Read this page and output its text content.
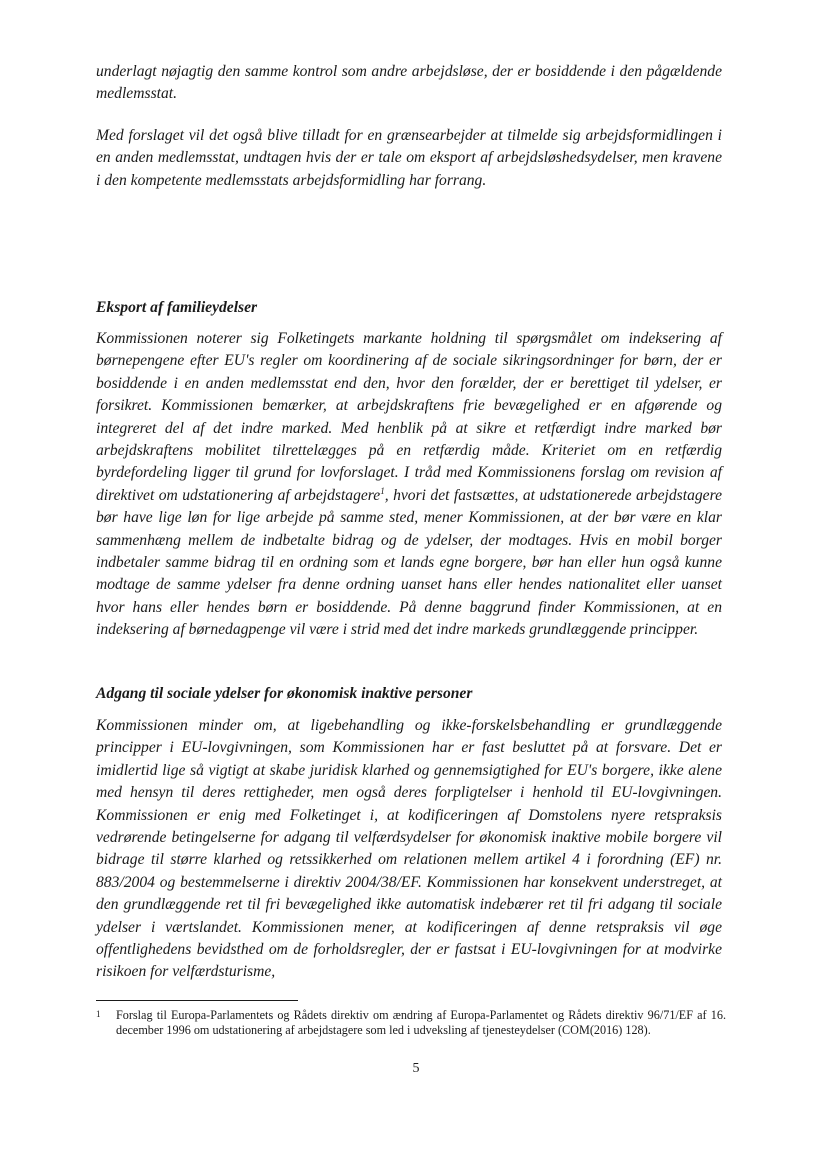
underlagt nøjagtig den samme kontrol som andre arbejdsløse, der er bosiddende i den pågældende medlemsstat.

Med forslaget vil det også blive tilladt for en grænsearbejder at tilmelde sig arbejdsformidlingen i en anden medlemsstat, undtagen hvis der er tale om eksport af arbejdsløshedsydelser, men kravene i den kompetente medlemsstats arbejdsformidling har forrang.

Eksport af familieydelser

Kommissionen noterer sig Folketingets markante holdning til spørgsmålet om indeksering af børnepengene efter EU's regler om koordinering af de sociale sikringsordninger for børn, der er bosiddende i en anden medlemsstat end den, hvor den forælder, der er berettiget til ydelser, er forsikret. Kommissionen bemærker, at arbejdskraftens frie bevægelighed er en afgørende og integreret del af det indre marked. Med henblik på at sikre et retfærdigt indre marked bør arbejdskraftens mobilitet tilrettelægges på en retfærdig måde. Kriteriet om en retfærdig byrdefordeling ligger til grund for lovforslaget. I tråd med Kommissionens forslag om revision af direktivet om udstationering af arbejdstagere$^1$, hvori det fastsættes, at udstationerede arbejdstagere bør have lige løn for lige arbejde på samme sted, mener Kommissionen, at der bør være en klar sammenhæng mellem de indbetalte bidrag og de ydelser, der modtages. Hvis en mobil borger indbetaler samme bidrag til en ordning som et lands egne borgere, bør han eller hun også kunne modtage de samme ydelser fra denne ordning uanset hans eller hendes nationalitet eller uanset hvor hans eller hendes børn er bosiddende. På denne baggrund finder Kommissionen, at en indeksering af børnedagpenge vil være i strid med det indre markeds grundlæggende principper.

Adgang til sociale ydelser for økonomisk inaktive personer

Kommissionen minder om, at ligebehandling og ikke-forskelsbehandling er grundlæggende principper i EU-lovgivningen, som Kommissionen har er fast besluttet på at forsvare. Det er imidlertid lige så vigtigt at skabe juridisk klarhed og gennemsigtighed for EU's borgere, ikke alene med hensyn til deres rettigheder, men også deres forpligtelser i henhold til EU-lovgivningen. Kommissionen er enig med Folketinget i, at kodificeringen af Domstolens nyere retspraksis vedrørende betingelserne for adgang til velfærdsydelser for økonomisk inaktive mobile borgere vil bidrage til større klarhed og retssikkerhed om relationen mellem artikel 4 i forordning (EF) nr. 883/2004 og bestemmelserne i direktiv 2004/38/EF. Kommissionen har konsekvent understreget, at den grundlæggende ret til fri bevægelighed ikke automatisk indebærer ret til fri adgang til sociale ydelser i værtslandet. Kommissionen mener, at kodificeringen af denne retspraksis vil øge offentlighedens bevidsthed om de forholdsregler, der er fastsat i EU-lovgivningen for at modvirke risikoen for velfærdsturisme,

1	Forslag til Europa-Parlamentets og Rådets direktiv om ændring af Europa-Parlamentet og Rådets direktiv 96/71/EF af 16. december 1996 om udstationering af arbejdstagere som led i udveksling af tjenesteydelser (COM(2016) 128).
5
